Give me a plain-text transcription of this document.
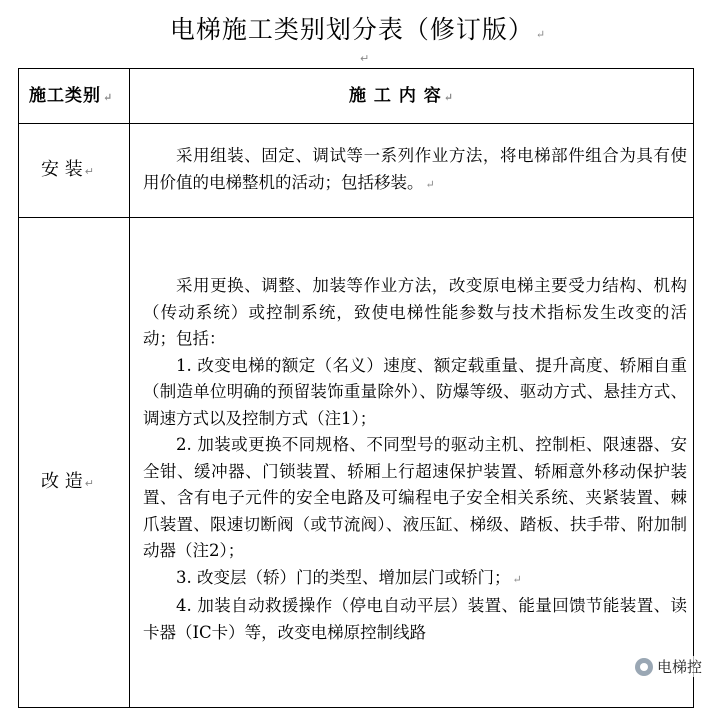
电梯施工类别划分表（修订版） ↵
↵
施工类别 ↵	施 工 内 容 ↵
安 装 ↵

采用组装、固定、调试等一系列作业方法，将电梯部件组合为具有使用价值的电梯整机的活动；包括移装。 ↵

改 造 ↵

采用更换、调整、加装等作业方法，改变原电梯主要受力结构、机构（传动系统）或控制系统，致使电梯性能参数与技术指标发生改变的活动；包括：

1. 改变电梯的额定（名义）速度、额定载重量、提升高度、轿厢自重（制造单位明确的预留装饰重量除外）、防爆等级、驱动方式、悬挂方式、调速方式以及控制方式（注1）；

2. 加装或更换不同规格、不同型号的驱动主机、控制柜、限速器、安全钳、缓冲器、门锁装置、轿厢上行超速保护装置、轿厢意外移动保护装置、含有电子元件的安全电路及可编程电子安全相关系统、夹紧装置、棘爪装置、限速切断阀（或节流阀）、液压缸、梯级、踏板、扶手带、附加制动器（注2）；

3. 改变层（轿）门的类型、增加层门或轿门； ↵

4. 加装自动救援操作（停电自动平层）装置、能量回馈节能装置、读卡器（IC卡）等，改变电梯原控制线路

电梯控
